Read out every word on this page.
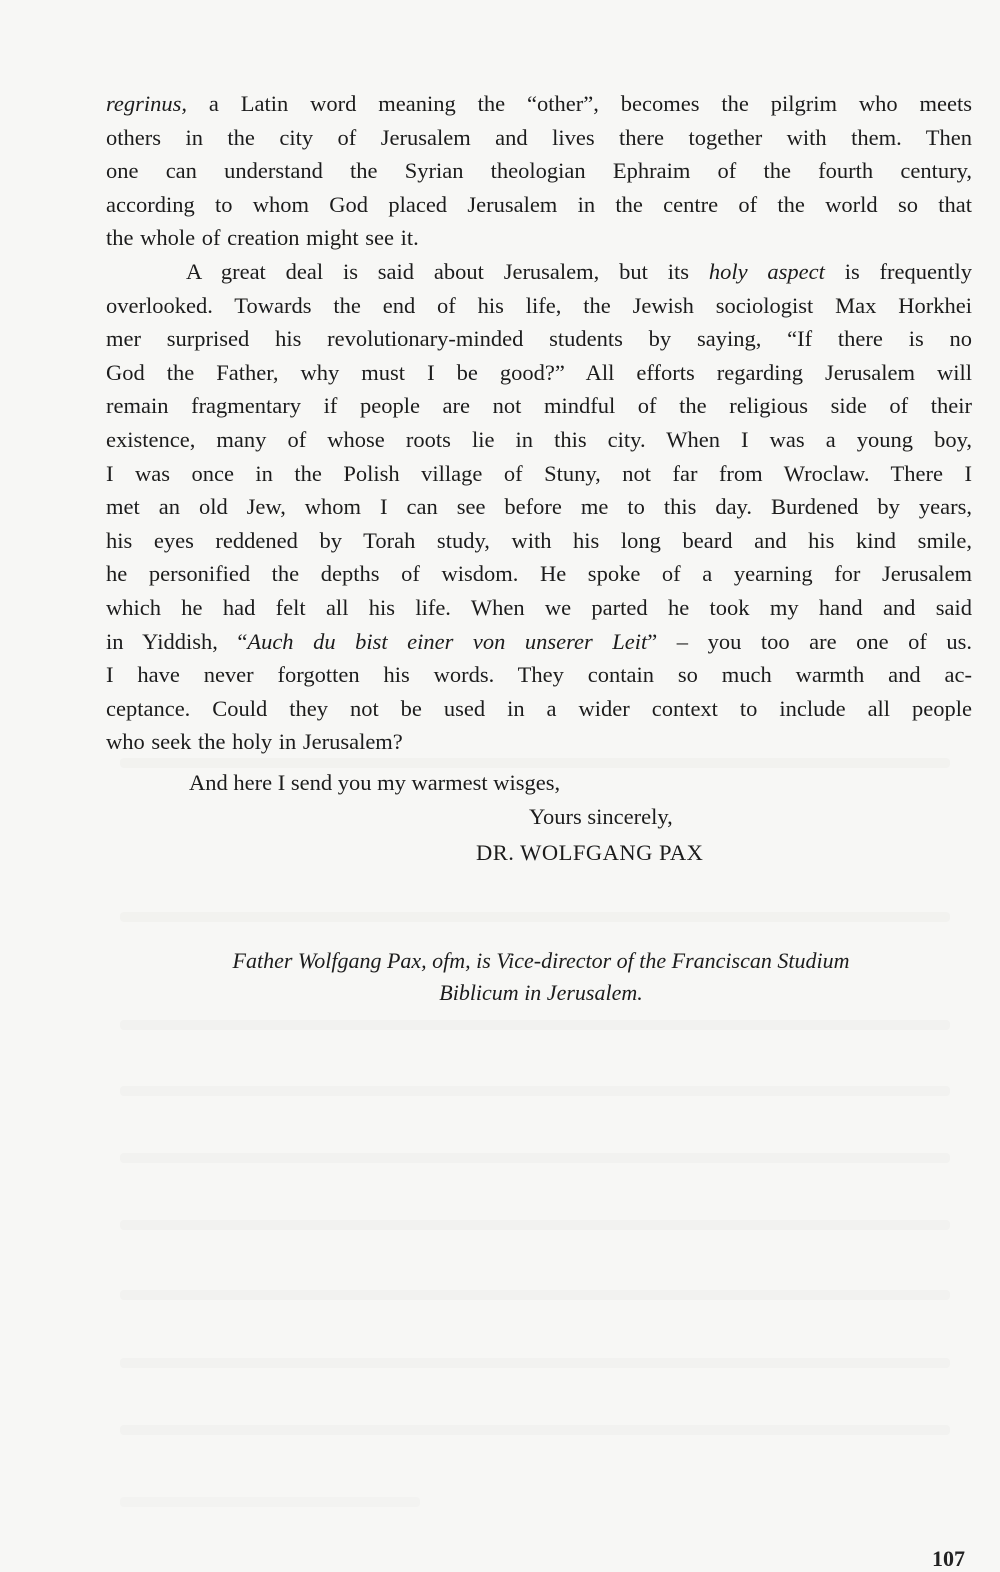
regrinus, a Latin word meaning the “other”, becomes the pilgrim who meets
others in the city of Jerusalem and lives there together with them. Then
one can understand the Syrian theologian Ephraim of the fourth century,
according to whom God placed Jerusalem in the centre of the world so that
the whole of creation might see it.
A great deal is said about Jerusalem, but its holy aspect is frequently
overlooked. Towards the end of his life, the Jewish sociologist Max Horkhei
mer surprised his revolutionary-minded students by saying, “If there is no
God the Father, why must I be good?” All efforts regarding Jerusalem will
remain fragmentary if people are not mindful of the religious side of their
existence, many of whose roots lie in this city. When I was a young boy,
I was once in the Polish village of Stuny, not far from Wroclaw. There I
met an old Jew, whom I can see before me to this day. Burdened by years,
his eyes reddened by Torah study, with his long beard and his kind smile,
he personified the depths of wisdom. He spoke of a yearning for Jerusalem
which he had felt all his life. When we parted he took my hand and said
in Yiddish, “Auch du bist einer von unserer Leit” – you too are one of us.
I have never forgotten his words. They contain so much warmth and ac-
ceptance. Could they not be used in a wider context to include all people
who seek the holy in Jerusalem?
And here I send you my warmest wisges,
Yours sincerely,
DR. WOLFGANG PAX
Father Wolfgang Pax, ofm, is Vice-director of the Franciscan Studium
Biblicum in Jerusalem.
107
